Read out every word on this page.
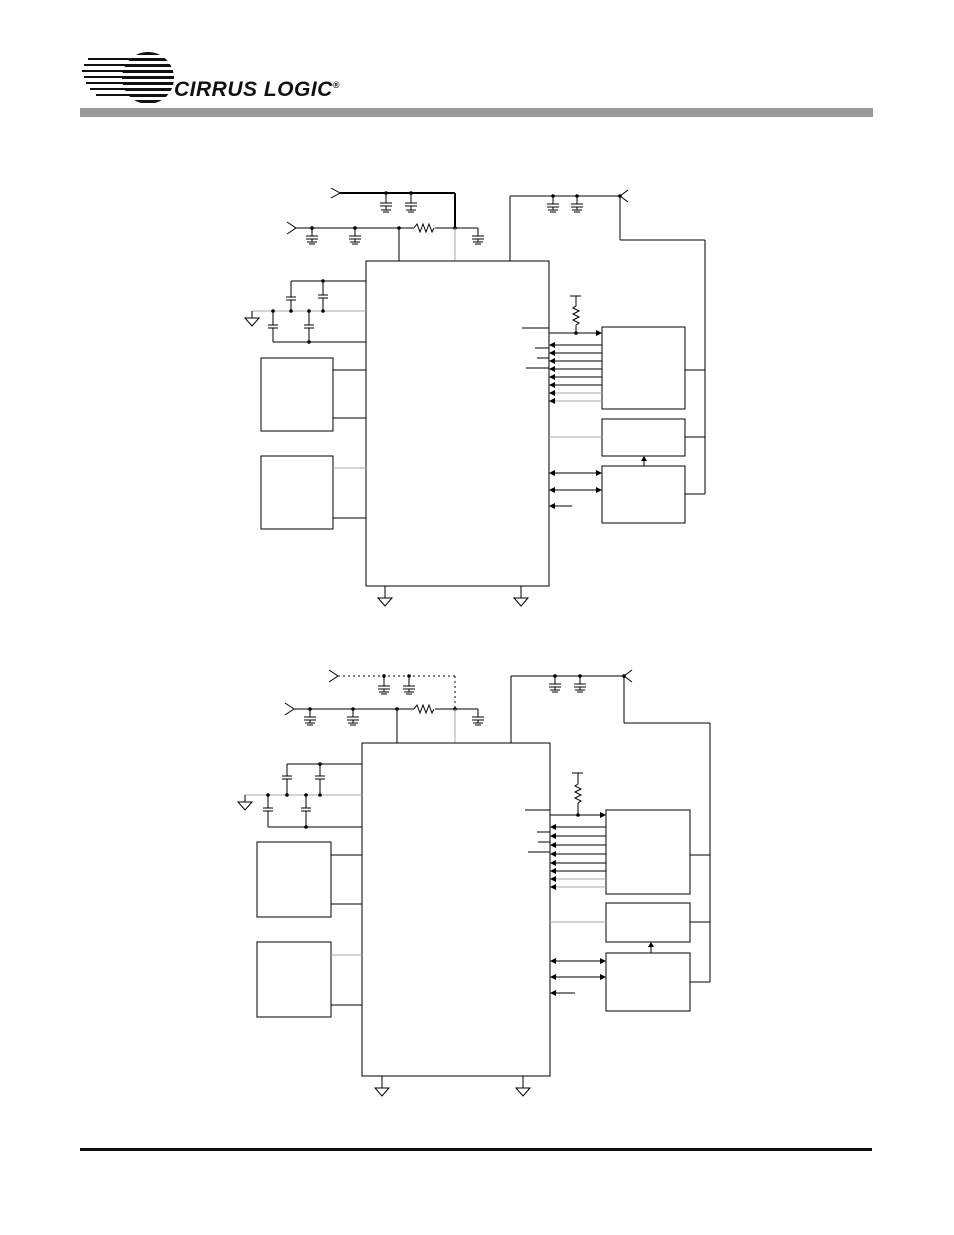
CIRRUS LOGIC®
